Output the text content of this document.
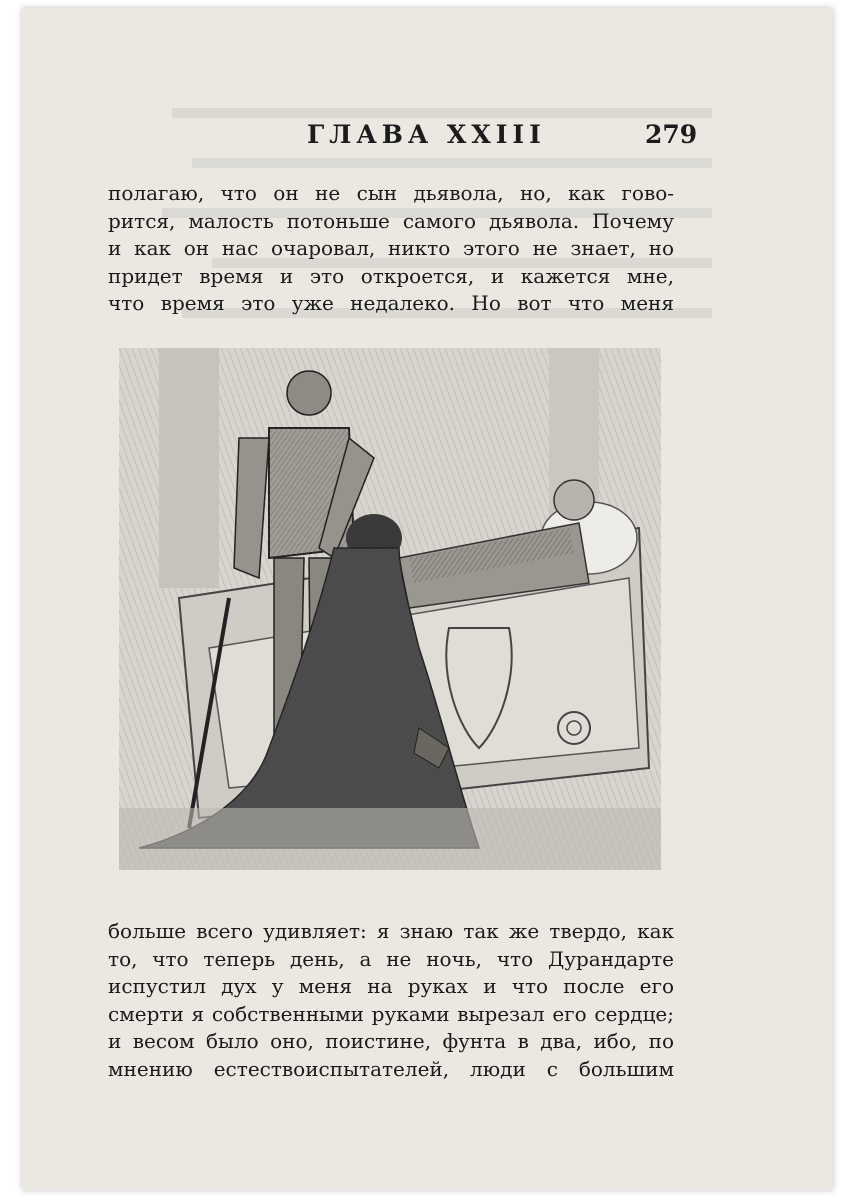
ГЛАВА XXIII	279
полагаю, что он не сын дьявола, но, как гово-
рится, малость потоньше самого дьявола. Почему
и как он нас очаровал, никто этого не знает, но
придет время и это откроется, и кажется мне,
что время это уже недалеко. Но вот что меня
больше всего удивляет: я знаю так же твердо, как
то, что теперь день, а не ночь, что Дурандарте
испустил дух у меня на руках и что после его
смерти я собственными руками вырезал его сердце;
и весом было оно, поистине, фунта в два, ибо, по
мнению естествоиспытателей, люди с большим
